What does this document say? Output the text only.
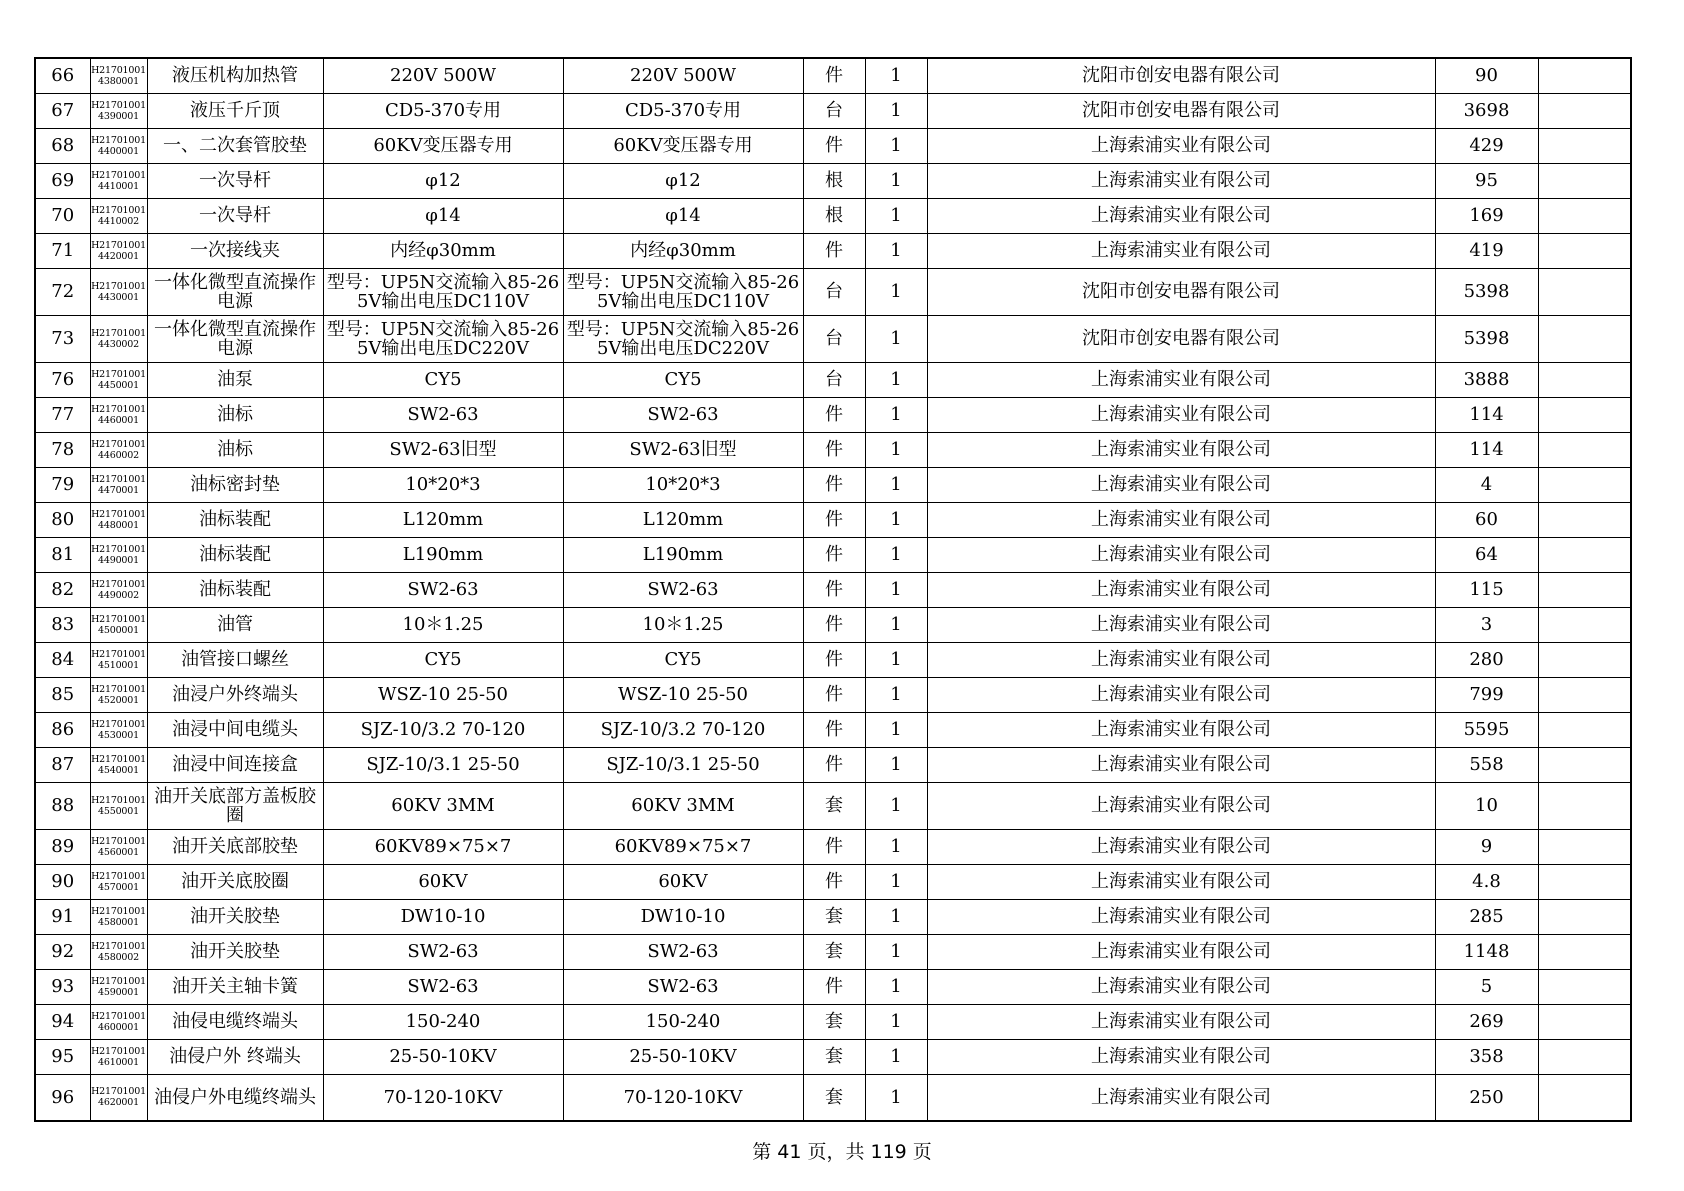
66	H217010014380001	液压机构加热管	220V 500W	220V 500W	件	1	沈阳市创安电器有限公司	90	
67	H217010014390001	液压千斤顶	CD5-370专用	CD5-370专用	台	1	沈阳市创安电器有限公司	3698	
68	H217010014400001	一、二次套管胶垫	60KV变压器专用	60KV变压器专用	件	1	上海索浦实业有限公司	429	
69	H217010014410001	一次导杆	φ12	φ12	根	1	上海索浦实业有限公司	95	
70	H217010014410002	一次导杆	φ14	φ14	根	1	上海索浦实业有限公司	169	
71	H217010014420001	一次接线夹	内经φ30mm	内经φ30mm	件	1	上海索浦实业有限公司	419	
72	H217010014430001	一体化微型直流操作电源	型号：UP5N交流输入85-265V输出电压DC110V	型号：UP5N交流输入85-265V输出电压DC110V	台	1	沈阳市创安电器有限公司	5398	
73	H217010014430002	一体化微型直流操作电源	型号：UP5N交流输入85-265V输出电压DC220V	型号：UP5N交流输入85-265V输出电压DC220V	台	1	沈阳市创安电器有限公司	5398	
76	H217010014450001	油泵	CY5	CY5	台	1	上海索浦实业有限公司	3888	
77	H217010014460001	油标	SW2-63	SW2-63	件	1	上海索浦实业有限公司	114	
78	H217010014460002	油标	SW2-63旧型	SW2-63旧型	件	1	上海索浦实业有限公司	114	
79	H217010014470001	油标密封垫	10*20*3	10*20*3	件	1	上海索浦实业有限公司	4	
80	H217010014480001	油标装配	L120mm	L120mm	件	1	上海索浦实业有限公司	60	
81	H217010014490001	油标装配	L190mm	L190mm	件	1	上海索浦实业有限公司	64	
82	H217010014490002	油标装配	SW2-63	SW2-63	件	1	上海索浦实业有限公司	115	
83	H217010014500001	油管	10＊1.25	10＊1.25	件	1	上海索浦实业有限公司	3	
84	H217010014510001	油管接口螺丝	CY5	CY5	件	1	上海索浦实业有限公司	280	
85	H217010014520001	油浸户外终端头	WSZ-10 25-50	WSZ-10 25-50	件	1	上海索浦实业有限公司	799	
86	H217010014530001	油浸中间电缆头	SJZ-10/3.2 70-120	SJZ-10/3.2 70-120	件	1	上海索浦实业有限公司	5595	
87	H217010014540001	油浸中间连接盒	SJZ-10/3.1 25-50	SJZ-10/3.1 25-50	件	1	上海索浦实业有限公司	558	
88	H217010014550001	油开关底部方盖板胶圈	60KV 3MM	60KV 3MM	套	1	上海索浦实业有限公司	10	
89	H217010014560001	油开关底部胶垫	60KV89×75×7	60KV89×75×7	件	1	上海索浦实业有限公司	9	
90	H217010014570001	油开关底胶圈	60KV	60KV	件	1	上海索浦实业有限公司	4.8	
91	H217010014580001	油开关胶垫	DW10-10	DW10-10	套	1	上海索浦实业有限公司	285	
92	H217010014580002	油开关胶垫	SW2-63	SW2-63	套	1	上海索浦实业有限公司	1148	
93	H217010014590001	油开关主轴卡簧	SW2-63	SW2-63	件	1	上海索浦实业有限公司	5	
94	H217010014600001	油侵电缆终端头	150-240	150-240	套	1	上海索浦实业有限公司	269	
95	H217010014610001	油侵户外 终端头	25-50-10KV	25-50-10KV	套	1	上海索浦实业有限公司	358	
96	H217010014620001	油侵户外电缆终端头	70-120-10KV	70-120-10KV	套	1	上海索浦实业有限公司	250	
第 41 页，共 119 页
